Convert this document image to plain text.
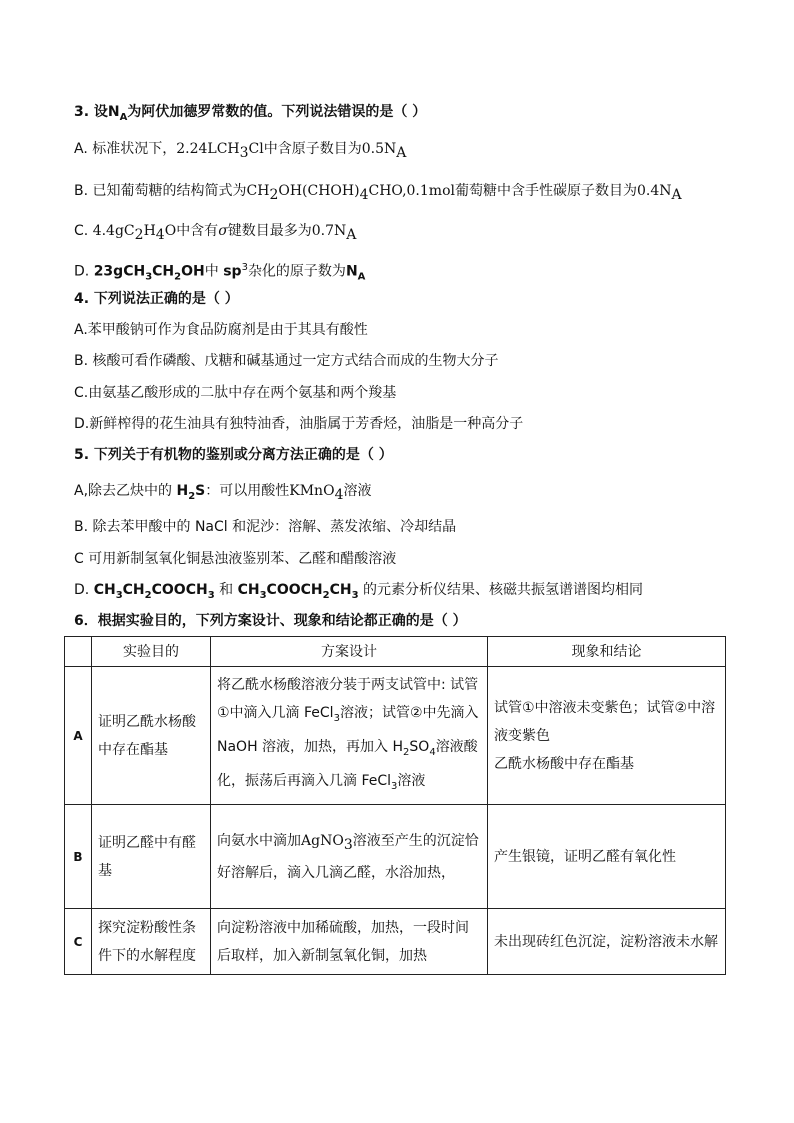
3. 设$N_A$为阿伏加德罗常数的值。下列说法错误的是（ ）
A. 标准状况下，$2.24LCH_3Cl$中含原子数目为$0.5N_A$
B. 已知葡萄糖的结构简式为$CH_2OH(CHOH)_4CHO,0.1mol$葡萄糖中含手性碳原子数目为$0.4N_A$
C. $4.4gC_2H_4O$中含有σ键数目最多为$0.7N_A$
D. $23gCH_3CH_2OH$中 $sp^3$杂化的原子数为$N_A$
4. 下列说法正确的是（ ）
A.苯甲酸钠可作为食品防腐剂是由于其具有酸性
B. 核酸可看作磷酸、戊糖和碱基通过一定方式结合而成的生物大分子
C.由氨基乙酸形成的二肽中存在两个氨基和两个羧基
D.新鲜榨得的花生油具有独特油香，油脂属于芳香烃，油脂是一种高分子
5. 下列关于有机物的鉴别或分离方法正确的是（ ）
A,除去乙炔中的 $H_2S$：可以用酸性KMnO$_4$溶液
B. 除去苯甲酸中的 NaCl 和泥沙：溶解、蒸发浓缩、冷却结晶
C 可用新制氢氧化铜悬浊液鉴别苯、乙醛和醋酸溶液
D. $CH_3CH_2COOCH_3$ 和 $CH_3COOCH_2CH_3$ 的元素分析仪结果、核磁共振氢谱谱图均相同
6．根据实验目的，下列方案设计、现象和结论都正确的是（ ）
	实验目的	方案设计	现象和结论
A	证明乙酰水杨酸中存在酯基	将乙酰水杨酸溶液分装于两支试管中: 试管①中滴入几滴 FeCl$_3$溶液；试管②中先滴入 NaOH 溶液，加热，再加入 $H_2SO_4$溶液酸化，振荡后再滴入几滴 FeCl$_3$溶液	试管①中溶液未变紫色；试管②中溶液变紫色
乙酰水杨酸中存在酯基

B	证明乙醛中有醛基	向氨水中滴加AgNO$_3$溶液至产生的沉淀恰好溶解后，滴入几滴乙醛，水浴加热，	产生银镜，证明乙醛有氧化性
C	探究淀粉酸性条件下的水解程度	向淀粉溶液中加稀硫酸，加热，一段时间后取样，加入新制氢氧化铜，加热	未出现砖红色沉淀，淀粉溶液未水解
